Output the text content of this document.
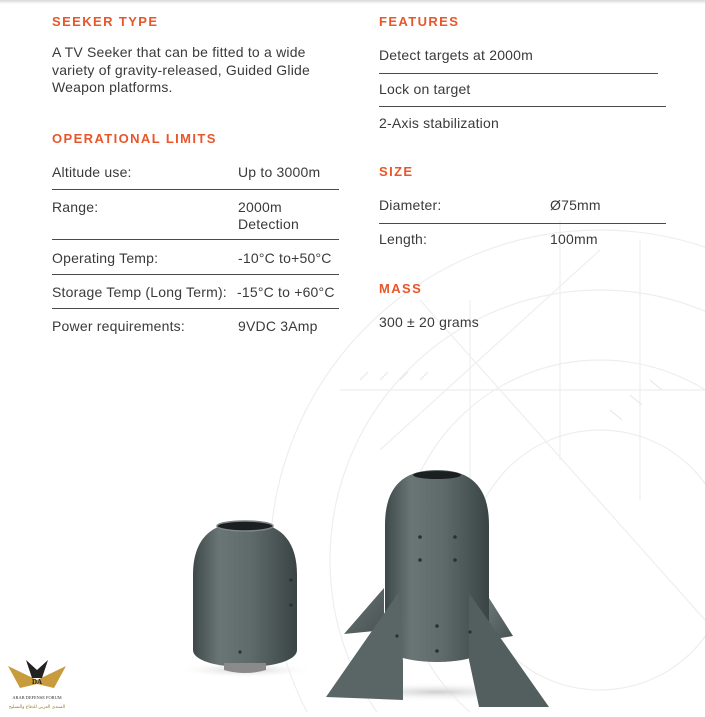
SEEKER TYPE
A TV Seeker that can be fitted to a wide variety of gravity-released, Guided Glide Weapon platforms.
OPERATIONAL LIMITS
Altitude use:	Up to 3000m
Range:	2000m
Detection
Operating Temp:	-10°C to+50°C
Storage Temp (Long Term): -15°C to +60°C
Power requirements:	9VDC 3Amp
FEATURES
Detect targets at 2000m
Lock on target
2-Axis stabilization
SIZE
Diameter:	Ø75mm
Length:	100mm
MASS
300 ± 20 grams
DA
ARAB DEFENSE FORUM
المنتدى العربي للدفاع والتسليح
